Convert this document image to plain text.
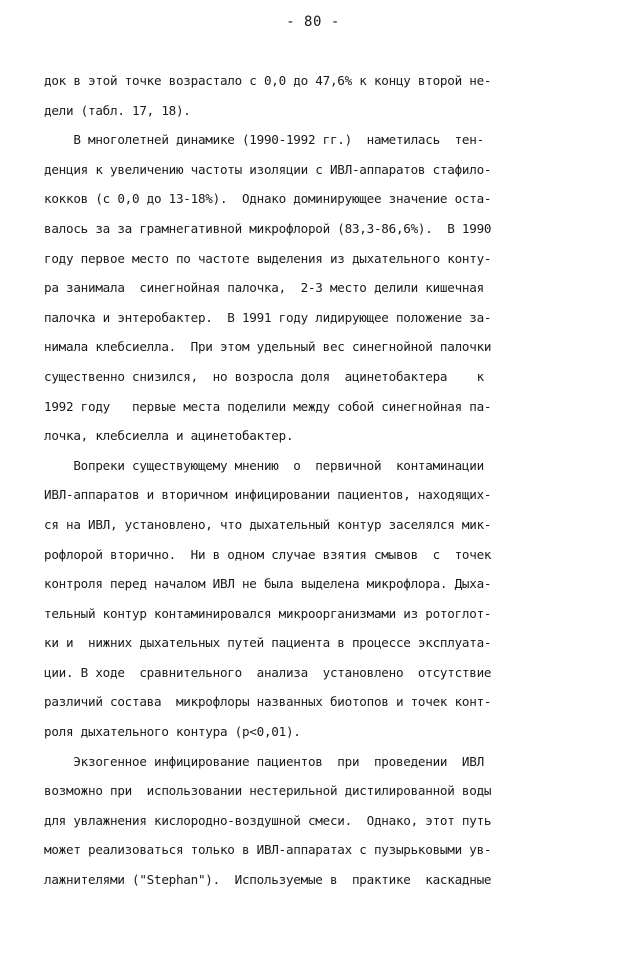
- 80 -
док в этой точке возрастало с 0,0 до 47,6% к концу второй не-
дели (табл. 17, 18).
В многолетней динамике (1990-1992 гг.)  наметилась  тен-
денция к увеличению частоты изоляции с ИВЛ-аппаратов стафило-
кокков (с 0,0 до 13-18%).  Однако доминирующее значение оста-
валось за за грамнегативной микрофлорой (83,3-86,6%).  В 1990
году первое место по частоте выделения из дыхательного конту-
ра занимала  синегнойная палочка,  2-3 место делили кишечная
палочка и энтеробактер.  В 1991 году лидирующее положение за-
нимала клебсиелла.  При этом удельный вес синегнойной палочки
существенно снизился,  но возросла доля  ацинетобактера    к
1992 году   первые места поделили между собой синегнойная па-
лочка, клебсиелла и ацинетобактер.
Вопреки существующему мнению  о  первичной  контаминации
ИВЛ-аппаратов и вторичном инфицировании пациентов, находящих-
ся на ИВЛ, установлено, что дыхательный контур заселялся мик-
рофлорой вторично.  Ни в одном случае взятия смывов  с  точек
контроля перед началом ИВЛ не была выделена микрофлора. Дыха-
тельный контур контаминировался микроорганизмами из ротоглот-
ки и  нижних дыхательных путей пациента в процессе эксплуата-
ции. В ходе  сравнительного  анализа  установлено  отсутствие
различий состава  микрофлоры названных биотопов и точек конт-
роля дыхательного контура (р<0,01).
Экзогенное инфицирование пациентов  при  проведении  ИВЛ
возможно при  использовании нестерильной дистилированной воды
для увлажнения кислородно-воздушной смеси.  Однако, этот путь
может реализоваться только в ИВЛ-аппаратах с пузырьковыми ув-
лажнителями ("Stephan").  Используемые в  практике  каскадные
